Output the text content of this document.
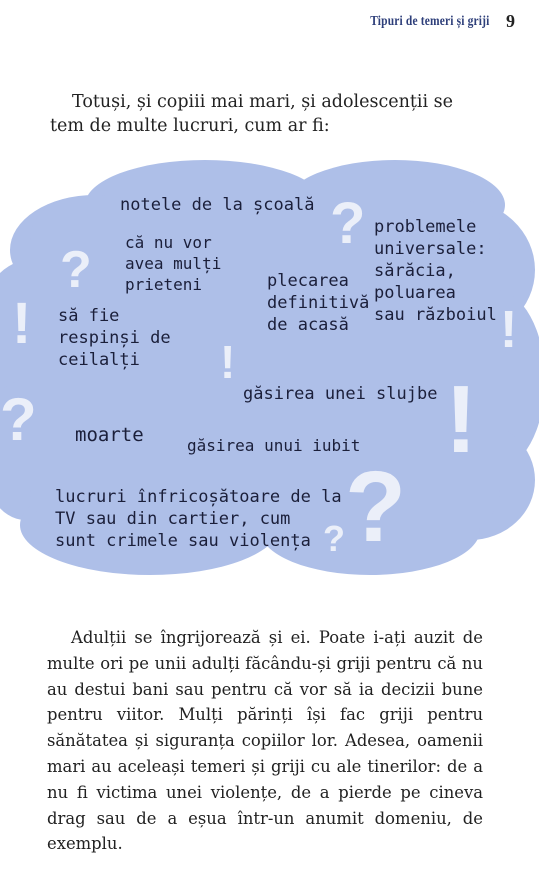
Tipuri de temeri și griji 9

Totuși, și copiii mai mari, și adolescenții se tem de multe lucruri, cum ar fi:

?
?
!
!
?
!
!
?
?
notele de la școală
că nu vor
avea mulți
prieteni
să fie
respinși de
ceilalți
plecarea
definitivă
de acasă
problemele
universale:
sărăcia,
poluarea
sau războiul
găsirea unei slujbe
moarte	găsirea unui iubit
lucruri înfricoșătoare de la
TV sau din cartier, cum
sunt crimele sau violența

Adulții se îngrijorează și ei. Poate i-ați auzit de multe ori pe unii adulți făcându-și griji pentru că nu au destui bani sau pentru că vor să ia decizii bune pentru viitor. Mulți părinți își fac griji pentru sănătatea și siguranța copiilor lor. Adesea, oamenii mari au aceleași temeri și griji cu ale tinerilor: de a nu fi victima unei violențe, de a pierde pe cineva drag sau de a eșua într-un anumit domeniu, de exemplu.
